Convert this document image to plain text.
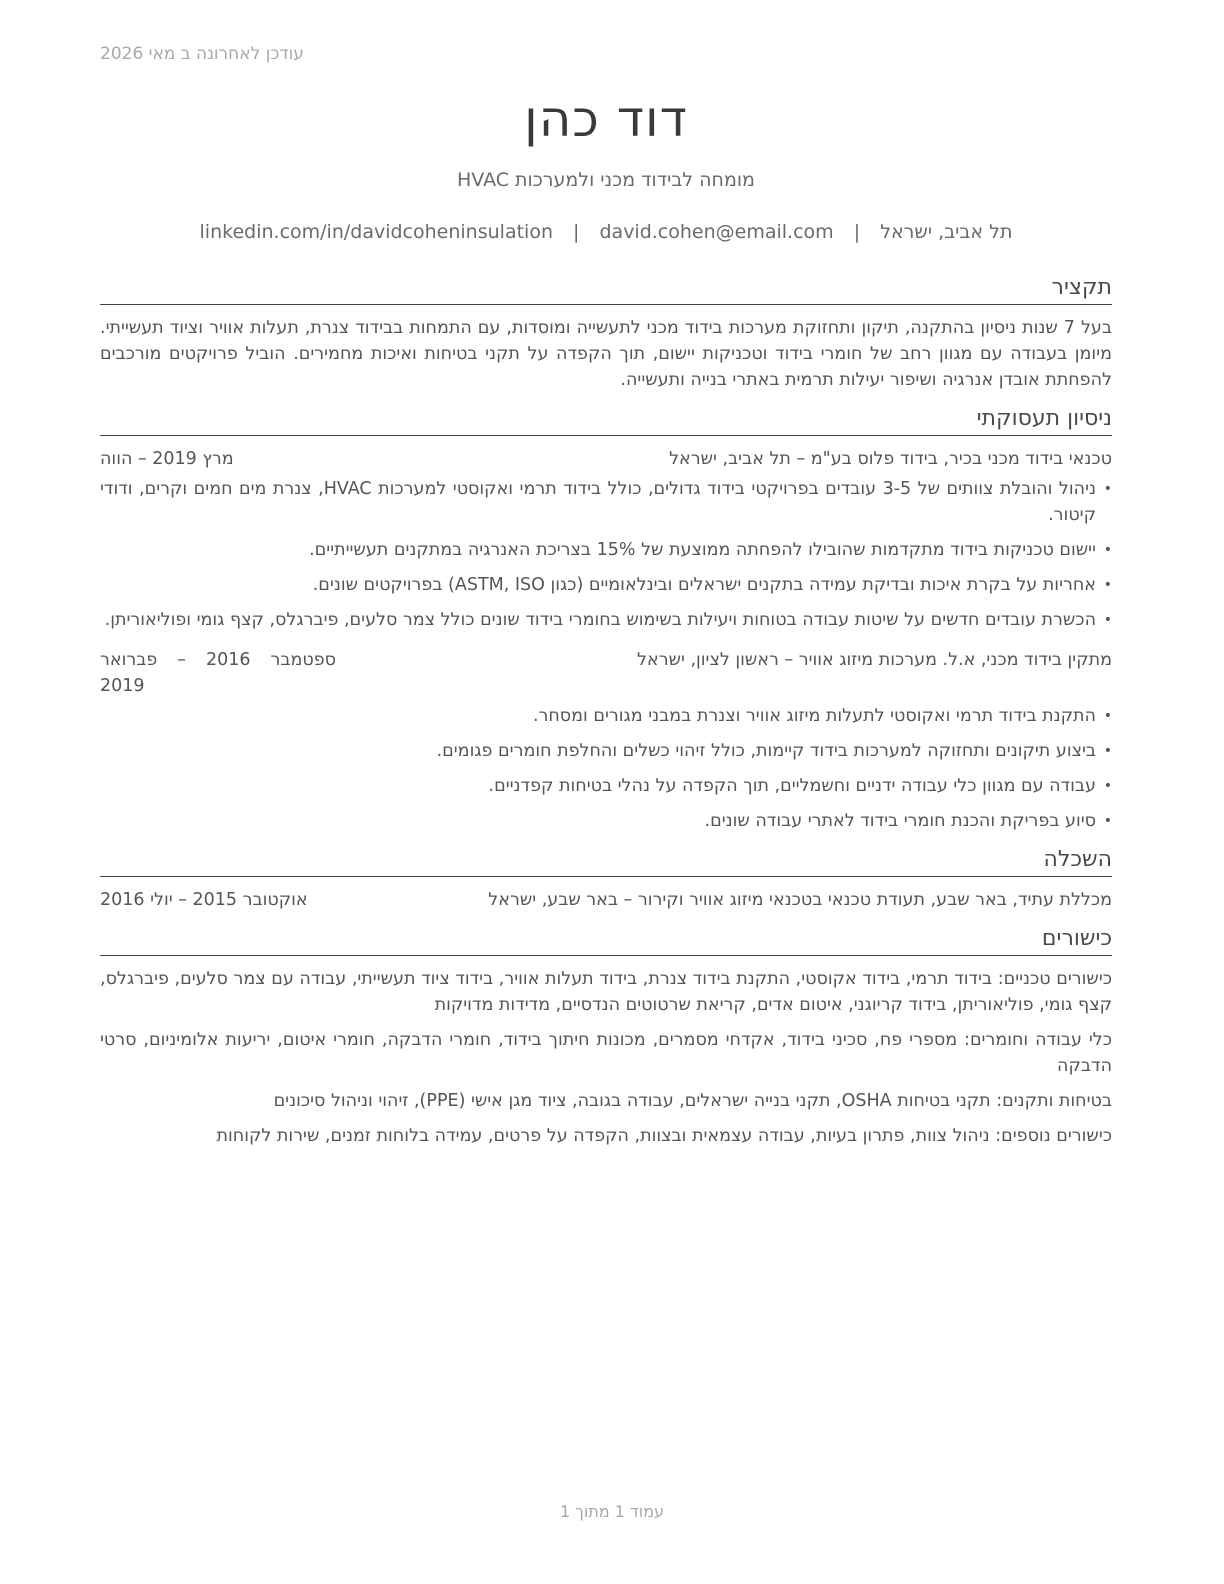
עודכן לאחרונה ב מאי 2026
דוד כהן
מומחה לבידוד מכני ולמערכות HVAC
תל אביב, ישראל | david.cohen@email.com | linkedin.com/in/davidcoheninsulation
תקציר

בעל 7 שנות ניסיון בהתקנה, תיקון ותחזוקת מערכות בידוד מכני לתעשייה ומוסדות, עם התמחות בבידוד צנרת, תעלות אוויר וציוד תעשייתי. מיומן בעבודה עם מגוון רחב של חומרי בידוד וטכניקות יישום, תוך הקפדה על תקני בטיחות ואיכות מחמירים. הוביל פרויקטים מורכבים להפחתת אובדן אנרגיה ושיפור יעילות תרמית באתרי בנייה ותעשייה.

ניסיון תעסוקתי
טכנאי בידוד מכני בכיר, בידוד פלוס בע"מ – תל אביב, ישראל
מרץ 2019 – הווה
• ניהול והובלת צוותים של 3-5 עובדים בפרויקטי בידוד גדולים, כולל בידוד תרמי ואקוסטי למערכות HVAC, צנרת מים חמים וקרים, ודודי קיטור.
• יישום טכניקות בידוד מתקדמות שהובילו להפחתה ממוצעת של 15% בצריכת האנרגיה במתקנים תעשייתיים.
• אחריות על בקרת איכות ובדיקת עמידה בתקנים ישראלים ובינלאומיים (כגון ASTM, ISO) בפרויקטים שונים.
• הכשרת עובדים חדשים על שיטות עבודה בטוחות ויעילות בשימוש בחומרי בידוד שונים כולל צמר סלעים, פיברגלס, קצף גומי ופוליאוריתן.
מתקין בידוד מכני, א.ל. מערכות מיזוג אוויר – ראשון לציון, ישראל
ספטמבר 2016 – פברואר 2019
• התקנת בידוד תרמי ואקוסטי לתעלות מיזוג אוויר וצנרת במבני מגורים ומסחר.
• ביצוע תיקונים ותחזוקה למערכות בידוד קיימות, כולל זיהוי כשלים והחלפת חומרים פגומים.
• עבודה עם מגוון כלי עבודה ידניים וחשמליים, תוך הקפדה על נהלי בטיחות קפדניים.
• סיוע בפריקת והכנת חומרי בידוד לאתרי עבודה שונים.
השכלה
מכללת עתיד, באר שבע, תעודת טכנאי בטכנאי מיזוג אוויר וקירור – באר שבע, ישראל
אוקטובר 2015 – יולי 2016
כישורים

כישורים טכניים: בידוד תרמי, בידוד אקוסטי, התקנת בידוד צנרת, בידוד תעלות אוויר, בידוד ציוד תעשייתי, עבודה עם צמר סלעים, פיברגלס, קצף גומי, פוליאוריתן, בידוד קריוגני, איטום אדים, קריאת שרטוטים הנדסיים, מדידות מדויקות

כלי עבודה וחומרים: מספרי פח, סכיני בידוד, אקדחי מסמרים, מכונות חיתוך בידוד, חומרי הדבקה, חומרי איטום, יריעות אלומיניום, סרטי הדבקה

בטיחות ותקנים: תקני בטיחות OSHA, תקני בנייה ישראלים, עבודה בגובה, ציוד מגן אישי (PPE), זיהוי וניהול סיכונים

כישורים נוספים: ניהול צוות, פתרון בעיות, עבודה עצמאית ובצוות, הקפדה על פרטים, עמידה בלוחות זמנים, שירות לקוחות

עמוד 1 מתוך 1
